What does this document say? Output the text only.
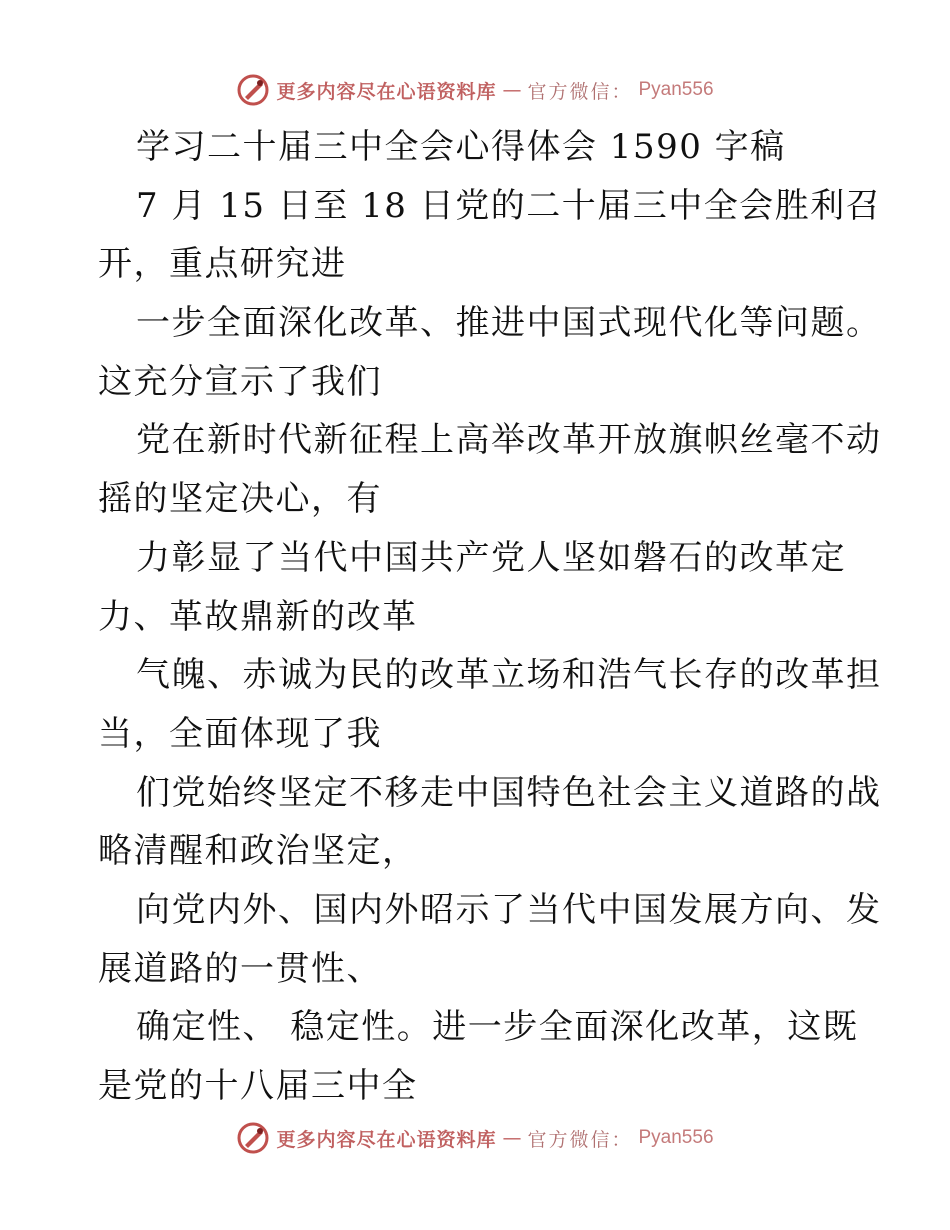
更多内容尽在心语资料库 — 官方微信： Pyan556
学习二十届三中全会心得体会 1590 字稿
7 月 15 日至 18 日党的二十届三中全会胜利召
开，重点研究进
一步全面深化改革、推进中国式现代化等问题。
这充分宣示了我们
党在新时代新征程上高举改革开放旗帜丝毫不动
摇的坚定决心，有
力彰显了当代中国共产党人坚如磐石的改革定
力、革故鼎新的改革
气魄、赤诚为民的改革立场和浩气长存的改革担
当，全面体现了我
们党始终坚定不移走中国特色社会主义道路的战
略清醒和政治坚定，
向党内外、国内外昭示了当代中国发展方向、发
展道路的一贯性、
确定性、 稳定性。进一步全面深化改革，这既
是党的十八届三中全
更多内容尽在心语资料库 — 官方微信： Pyan556
